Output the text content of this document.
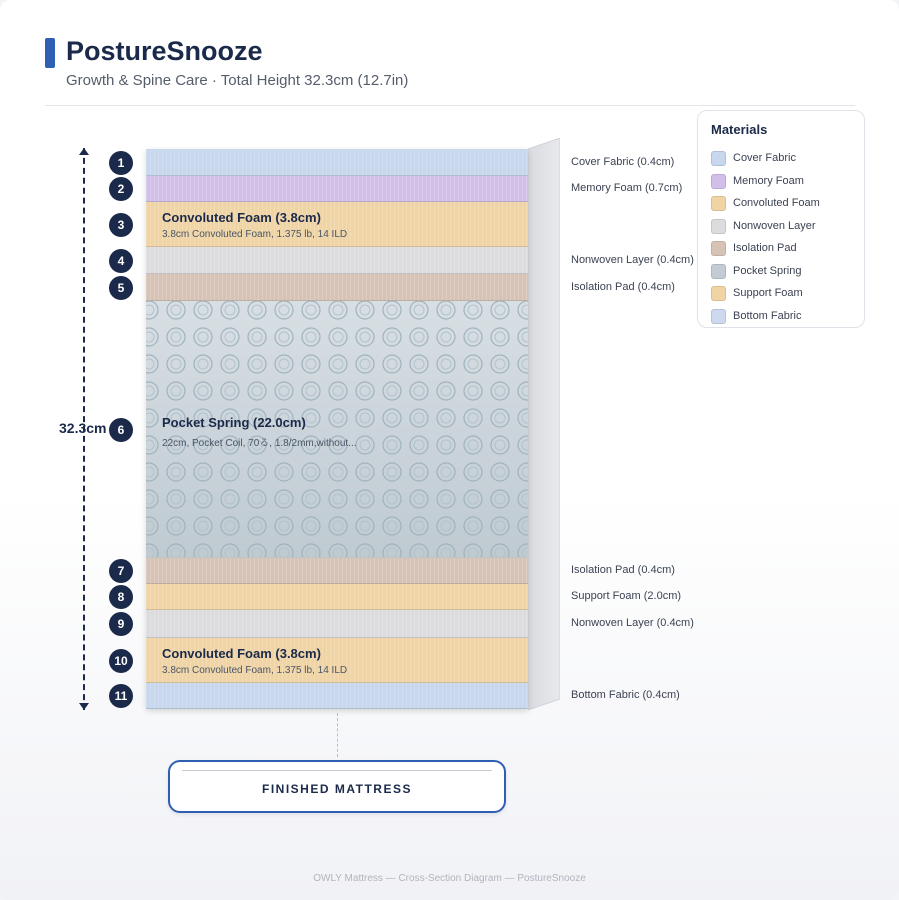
PostureSnooze
Growth & Spine Care · Total Height 32.3cm (12.7in)
Convoluted Foam (3.8cm)
3.8cm Convoluted Foam, 1.375 lb, 14 ILD
Pocket Spring (22.0cm)
22cm, Pocket Coil, 70る, 1.8/2mm,without...
Convoluted Foam (3.8cm)
3.8cm Convoluted Foam, 1.375 lb, 14 ILD
1
2
3
4
5
6
7
8
9
10
11
Cover Fabric (0.4cm)
Memory Foam (0.7cm)
Nonwoven Layer (0.4cm)
Isolation Pad (0.4cm)
Isolation Pad (0.4cm)
Support Foam (2.0cm)
Nonwoven Layer (0.4cm)
Bottom Fabric (0.4cm)
32.3cm
Materials
Cover Fabric
Memory Foam
Convoluted Foam
Nonwoven Layer
Isolation Pad
Pocket Spring
Support Foam
Bottom Fabric
FINISHED MATTRESS
OWLY Mattress — Cross-Section Diagram — PostureSnooze
